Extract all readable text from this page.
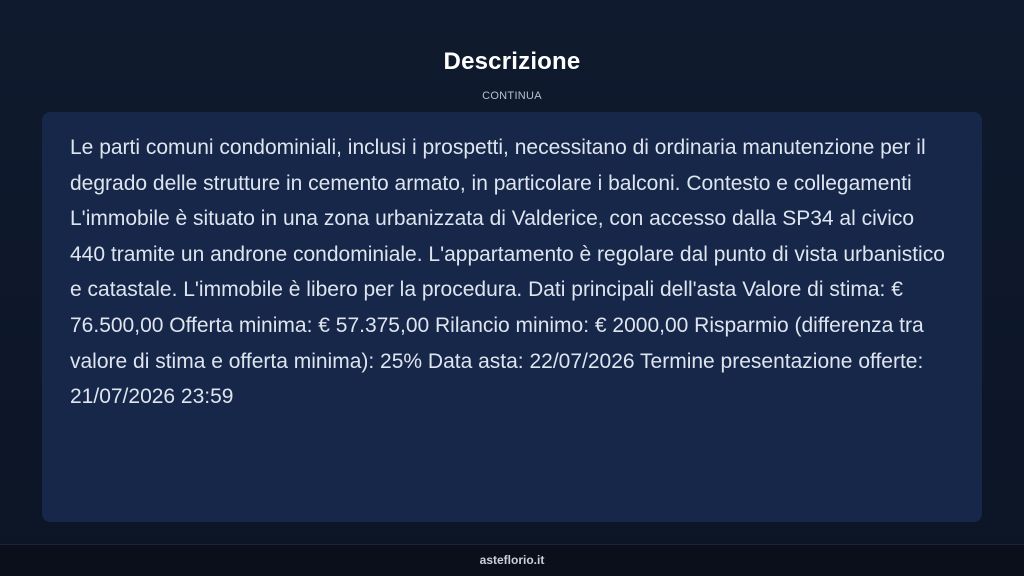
Descrizione
CONTINUA

Le parti comuni condominiali, inclusi i prospetti, necessitano di ordinaria manutenzione per il degrado delle strutture in cemento armato, in particolare i balconi. Contesto e collegamenti L'immobile è situato in una zona urbanizzata di Valderice, con accesso dalla SP34 al civico 440 tramite un androne condominiale. L'appartamento è regolare dal punto di vista urbanistico e catastale. L'immobile è libero per la procedura. Dati principali dell'asta Valore di stima: € 76.500,00 Offerta minima: € 57.375,00 Rilancio minimo: € 2000,00 Risparmio (differenza tra valore di stima e offerta minima): 25% Data asta: 22/07/2026 Termine presentazione offerte: 21/07/2026 23:59

asteflorio.it
